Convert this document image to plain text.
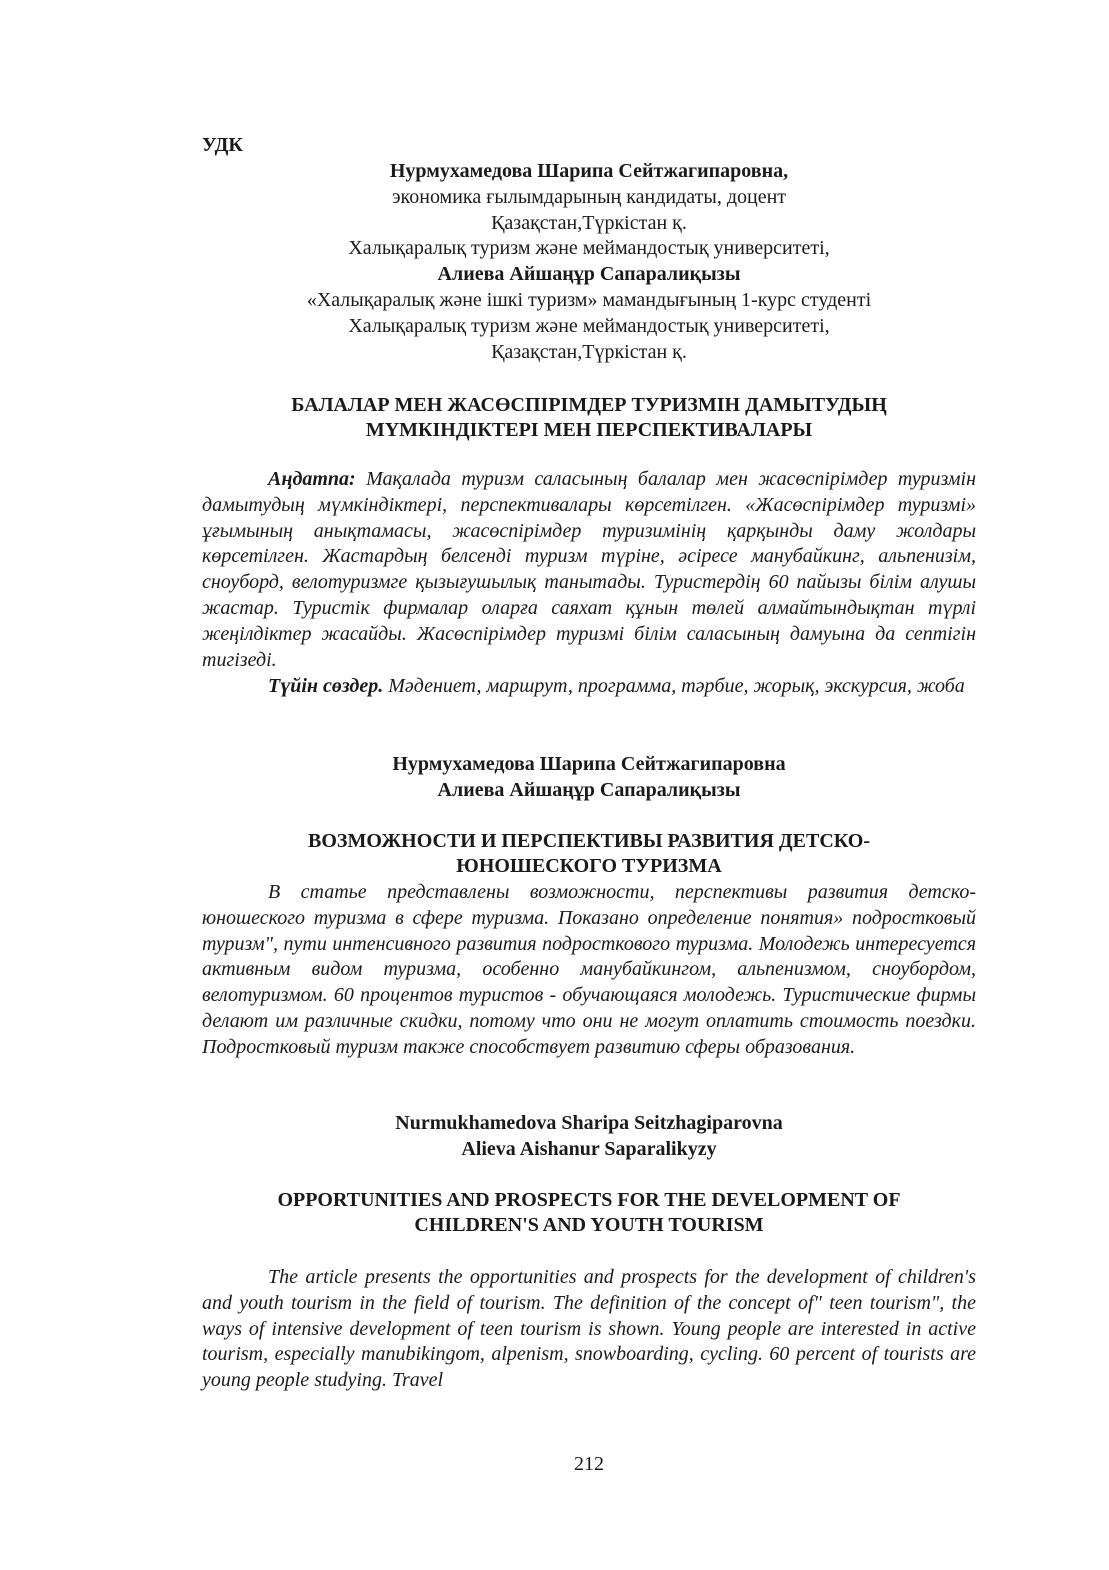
УДК
Нурмухамедова Шарипа Сейтжагипаровна,
экономика ғылымдарының кандидаты, доцент
Қазақстан,Түркістан қ.
Халықаралық туризм және меймандостық университеті,
Алиева Айшаңұр Сапаралиқызы
«Халықаралық және ішкі туризм» мамандығының 1-курс студенті
Халықаралық туризм және меймандостық университеті,
Қазақстан,Түркістан қ.
БАЛАЛАР МЕН ЖАСӨСПІРІМДЕР ТУРИЗМІН ДАМЫТУДЫҢ
МҮМКІНДІКТЕРІ МЕН ПЕРСПЕКТИВАЛАРЫ

Аңдатпа: Мақалада туризм саласының балалар мен жасөспірімдер туризмін дамытудың мүмкіндіктері, перспективалары көрсетілген. «Жасөспірімдер туризмі» ұғымының анықтамасы, жасөспірімдер туризимінің қарқынды даму жолдары көрсетілген. Жастардың белсенді туризм түріне, әсіресе манубайкинг, альпенизім, сноуборд, велотуризмге қызығушылық танытады. Туристердің 60 пайызы білім алушы жастар. Туристік фирмалар оларға саяхат құнын төлей алмайтындықтан түрлі жеңілдіктер жасайды. Жасөспірімдер туризмі білім саласының дамуына да септігін тигізеді.

Түйін сөздер. Мәдениет, маршрут, программа, тәрбие, жорық, экскурсия, жоба

Нурмухамедова Шарипа Сейтжагипаровна
Алиева Айшаңұр Сапаралиқызы
ВОЗМОЖНОСТИ И ПЕРСПЕКТИВЫ РАЗВИТИЯ ДЕТСКО-
ЮНОШЕСКОГО ТУРИЗМА

В статье представлены возможности, перспективы развития детско-юношеского туризма в сфере туризма. Показано определение понятия» подростковый туризм", пути интенсивного развития подросткового туризма. Молодежь интересуется активным видом туризма, особенно манубайкингом, альпенизмом, сноубордом, велотуризмом. 60 процентов туристов - обучающаяся молодежь. Туристические фирмы делают им различные скидки, потому что они не могут оплатить стоимость поездки. Подростковый туризм также способствует развитию сферы образования.

Nurmukhamedova Sharipa Seitzhagiparovna
Alieva Aishanur Saparalikyzy
OPPORTUNITIES AND PROSPECTS FOR THE DEVELOPMENT OF
CHILDREN'S AND YOUTH TOURISM

The article presents the opportunities and prospects for the development of children's and youth tourism in the field of tourism. The definition of the concept of" teen tourism", the ways of intensive development of teen tourism is shown. Young people are interested in active tourism, especially manubikingom, alpenism, snowboarding, cycling. 60 percent of tourists are young people studying. Travel

212
